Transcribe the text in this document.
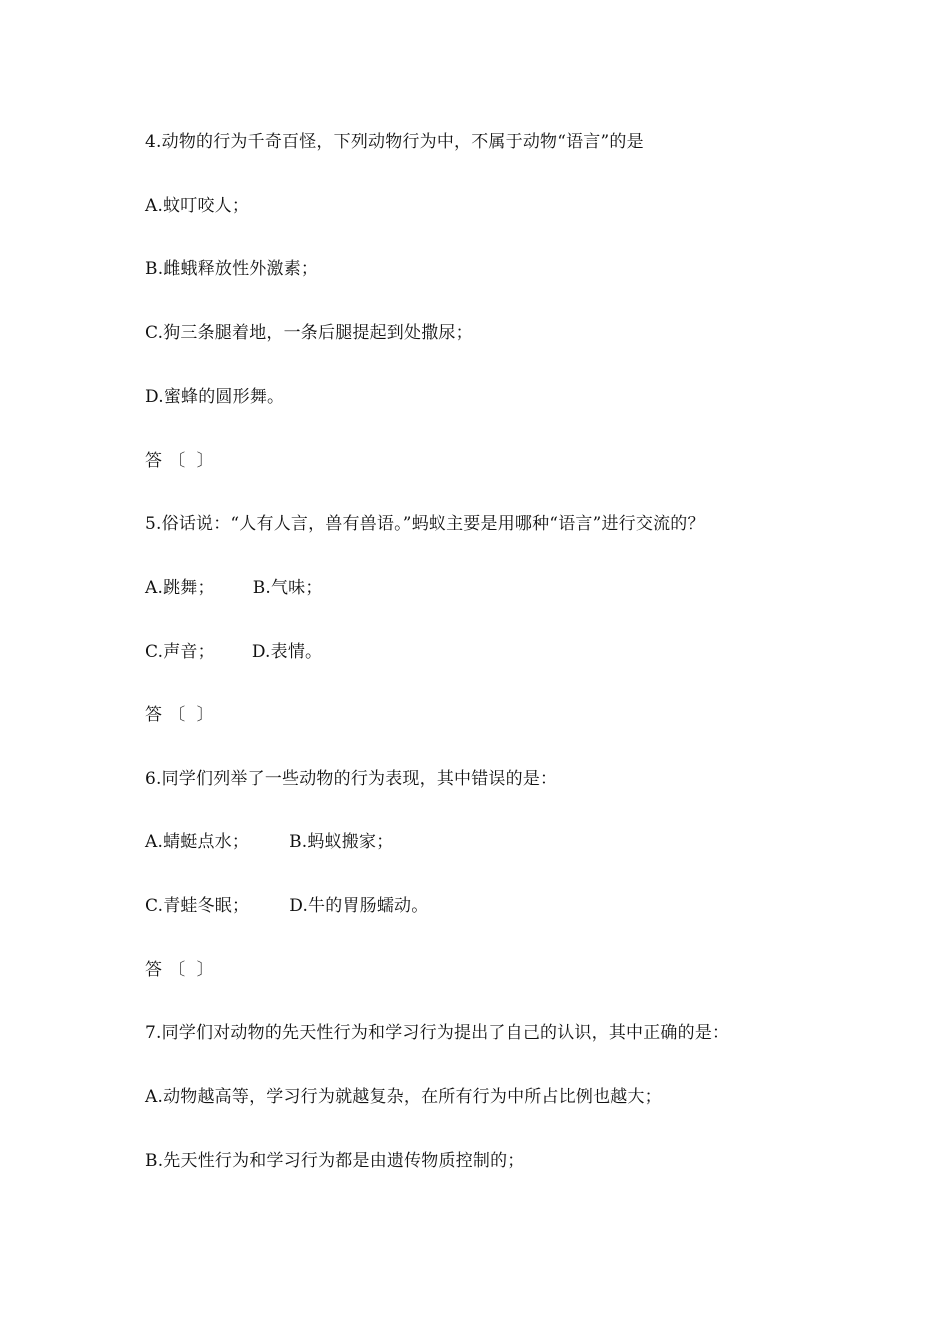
4.动物的行为千奇百怪，下列动物行为中，不属于动物“语言”的是
A.蚊叮咬人；
B.雌蛾释放性外激素；
C.狗三条腿着地，一条后腿提起到处撒尿；
D.蜜蜂的圆形舞。
答 〔  〕
5.俗话说：“人有人言，兽有兽语。”蚂蚁主要是用哪种“语言”进行交流的？
A.跳舞； B.气味；
C.声音； D.表情。
答 〔  〕
6.同学们列举了一些动物的行为表现，其中错误的是：
A.蜻蜓点水； B.蚂蚁搬家；
C.青蛙冬眠； D.牛的胃肠蠕动。
答 〔  〕
7.同学们对动物的先天性行为和学习行为提出了自己的认识，其中正确的是：
A.动物越高等，学习行为就越复杂，在所有行为中所占比例也越大；
B.先天性行为和学习行为都是由遗传物质控制的；
